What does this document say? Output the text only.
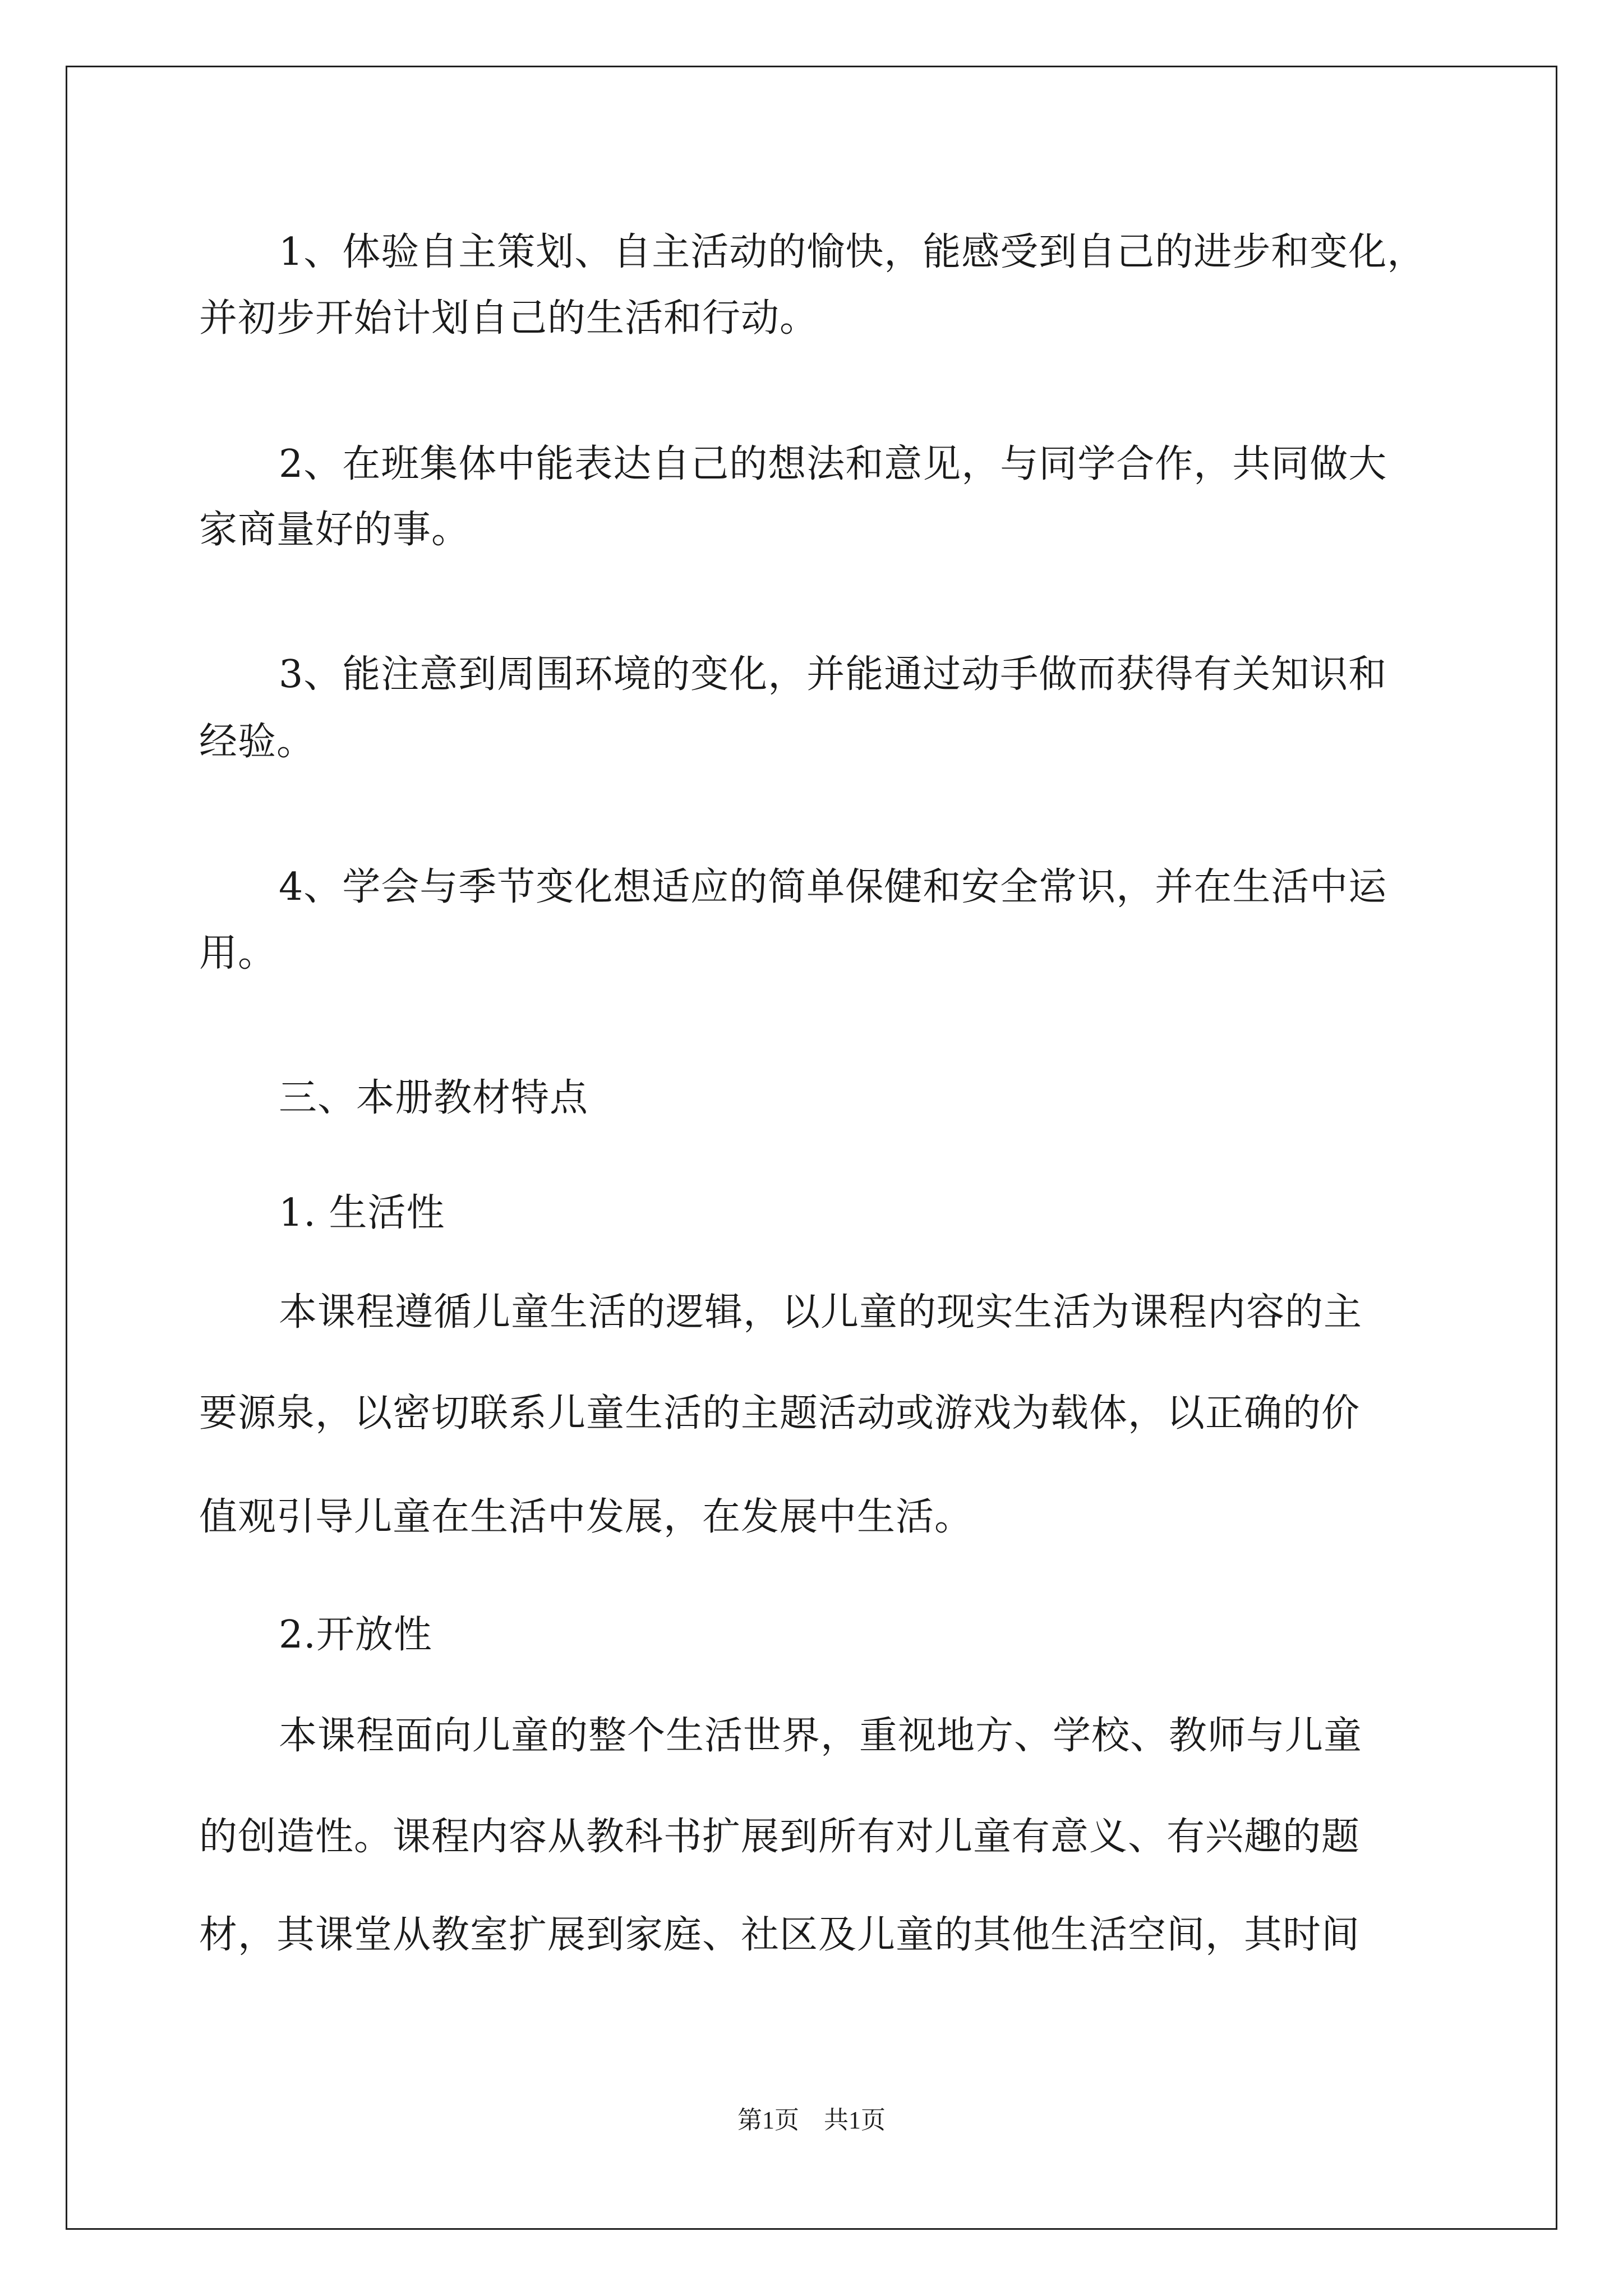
1、体验自主策划、自主活动的愉快，能感受到自己的进步和变化，
并初步开始计划自己的生活和行动。
2、在班集体中能表达自己的想法和意见，与同学合作，共同做大
家商量好的事。
3、能注意到周围环境的变化，并能通过动手做而获得有关知识和
经验。
4、学会与季节变化想适应的简单保健和安全常识，并在生活中运
用。
三、本册教材特点
1. 生活性
本课程遵循儿童生活的逻辑，以儿童的现实生活为课程内容的主
要源泉，以密切联系儿童生活的主题活动或游戏为载体，以正确的价
值观引导儿童在生活中发展，在发展中生活。
2.开放性
本课程面向儿童的整个生活世界，重视地方、学校、教师与儿童
的创造性。课程内容从教科书扩展到所有对儿童有意义、有兴趣的题
材，其课堂从教室扩展到家庭、社区及儿童的其他生活空间，其时间
第1页　共1页
